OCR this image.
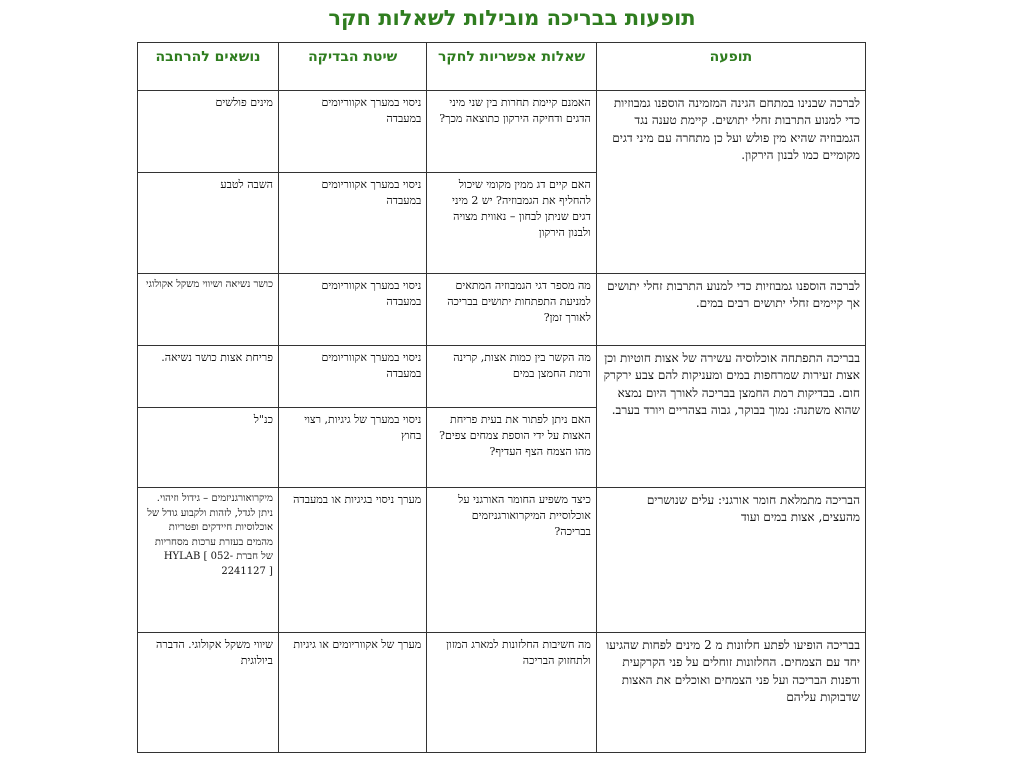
תופעות בבריכה מובילות לשאלות חקר
תופעה	שאלות אפשריות לחקר	שיטת הבדיקה	נושאים להרחבה
לברכה שבנינו במתחם הגינה המזמינה הוספנו גמבוזיות כדי למנוע התרבות זחלי יתושים. קיימת טענה נגד הגמבוזיה שהיא מין פולש ועל כן מתחרה עם מיני דגים מקומיים כמו לבנון הירקון.	האמנם קיימת תחרות בין שני מיני הדגים ודחיקה הירקון כתוצאה מכך?	ניסוי במערך אקווריומים במעבדה	מינים פולשים
	האם קיים דג ממין מקומי שיכול להחליף את הגמבוזיה? יש 2 מיני דגים שניתן לבחון – נאווית מצויה ולבנון הירקון	ניסוי במערך אקווריומים במעבדה	השבה לטבע
לברכה הוספנו גמבוזיות כדי למנוע התרבות זחלי יתושים אך קיימים זחלי יתושים רבים במים.	מה מספר דגי הגמבוזיה המתאים למניעת התפתחות יתושים בבריכה לאורך זמן?	ניסוי במערך אקווריומים במעבדה	כושר נשיאה ושיווי משקל אקולוגי
בבריכה התפתחה אוכלוסיה עשירה של אצות חוטיות וכן אצות זעירות שמרחפות במים ומעניקות להם צבע ירקרק חום. בבדיקות רמת החמצן בבריכה לאורך היום נמצא שהוא משתנה: נמוך בבוקר, גבוה בצהריים ויורד בערב.	מה הקשר בין כמות אצות, קרינה ורמת החמצן במים	ניסוי במערך אקווריומים במעבדה	פריחת אצות כושר נשיאה.
	האם ניתן לפתור את בעית פריחת האצות על ידי הוספת צמחים צפים? מהו הצמח הצף העדיף?	ניסוי במערך של גיגיות, רצוי בחוץ	כנ"ל
הבריכה מתמלאת חומר אורגני: עלים שנושרים מהעצים, אצות במים ועוד	כיצד משפיע החומר האורגני על אוכלוסיית המיקרואורגניזמים בבריכה?	מערך ניסוי בגיגיות או במעבדה	מיקרואורגניזמים – גידול וזיהוי. ניתן לגדל, לזהות ולקבוע גודל של אוכלוסיות חיידקים ופטריות מהמים בעזרת ערכות מסחריות של חברת HYLAB [ 052- 2241127 ]
בבריכה הופיעו לפתע חלזונות מ 2 מינים לפחות שהגיעו יחד עם הצמחים. החלזונות זוחלים על פני הקרקעית ודפנות הבריכה ועל פני הצמחים ואוכלים את האצות שדבוקות עליהם	מה חשיבות החלזונות למארג המזון ולתחזוק הבריכה	מערך של אקווריומים או גיגיות	שיווי משקל אקולוגי. הדברה ביולוגית
